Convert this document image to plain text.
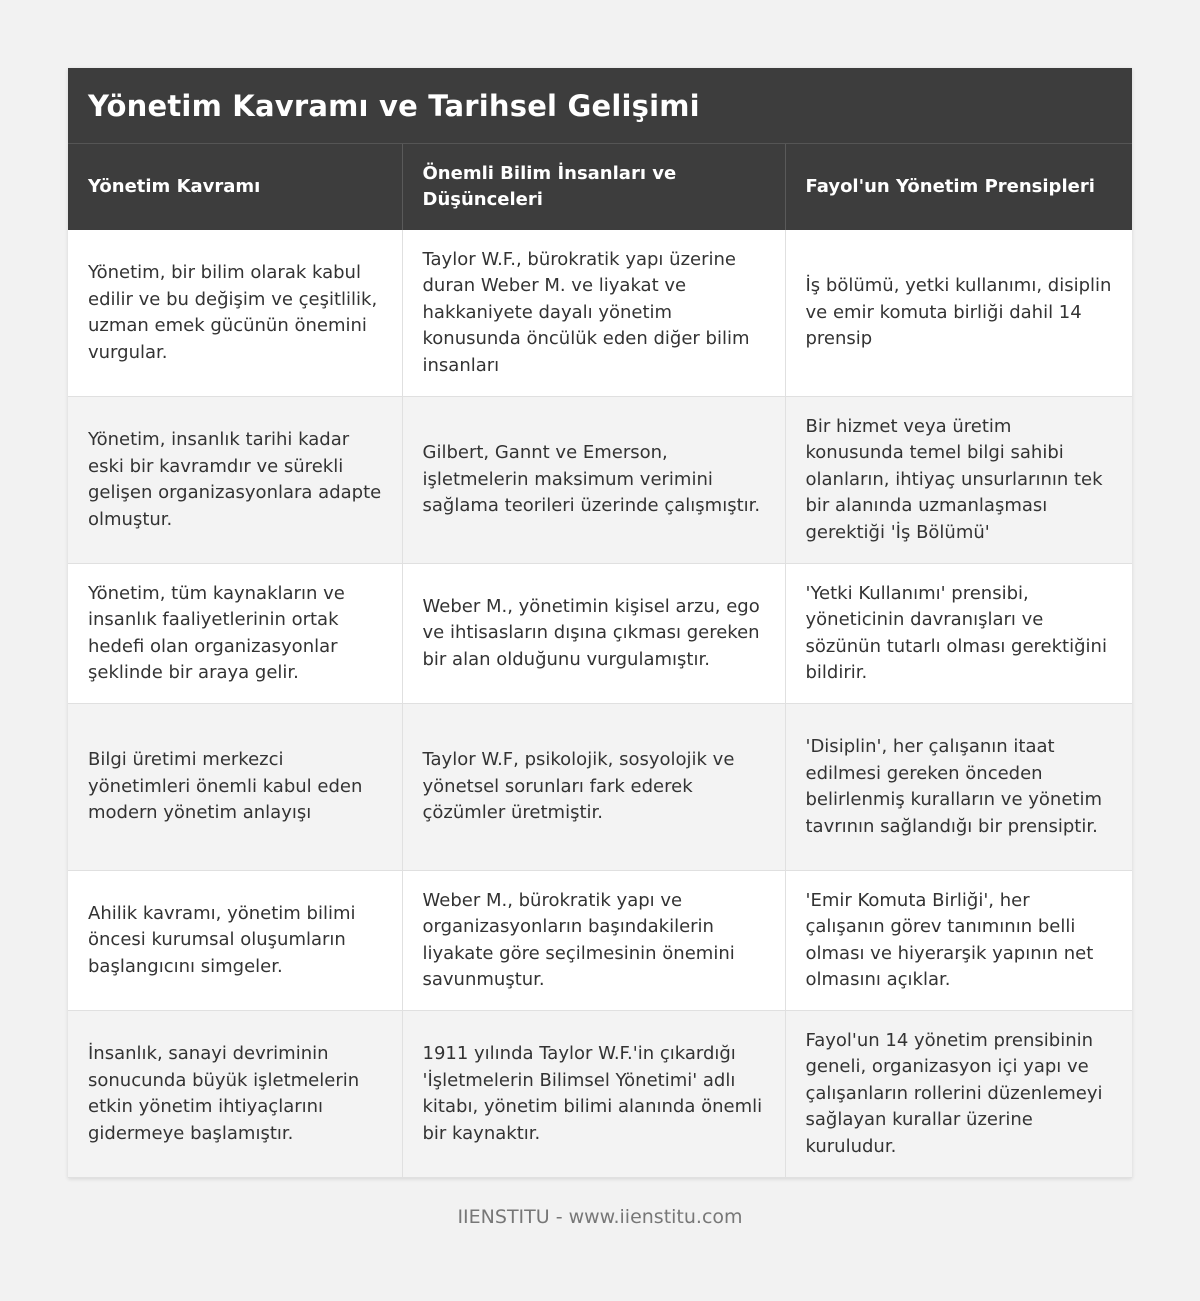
Yönetim Kavramı ve Tarihsel Gelişimi
Yönetim Kavramı	Önemli Bilim İnsanları ve Düşünceleri	Fayol'un Yönetim Prensipleri
Yönetim, bir bilim olarak kabul edilir ve bu değişim ve çeşitlilik, uzman emek gücünün önemini vurgular.	Taylor W.F., bürokratik yapı üzerine duran Weber M. ve liyakat ve hakkaniyete dayalı yönetim konusunda öncülük eden diğer bilim insanları	İş bölümü, yetki kullanımı, disiplin ve emir komuta birliği dahil 14 prensip
Yönetim, insanlık tarihi kadar eski bir kavramdır ve sürekli gelişen organizasyonlara adapte olmuştur.	Gilbert, Gannt ve Emerson, işletmelerin maksimum verimini sağlama teorileri üzerinde çalışmıştır.	Bir hizmet veya üretim konusunda temel bilgi sahibi olanların, ihtiyaç unsurlarının tek bir alanında uzmanlaşması gerektiği 'İş Bölümü'
Yönetim, tüm kaynakların ve insanlık faaliyetlerinin ortak hedefi olan organizasyonlar şeklinde bir araya gelir.	Weber M., yönetimin kişisel arzu, ego ve ihtisasların dışına çıkması gereken bir alan olduğunu vurgulamıştır.	'Yetki Kullanımı' prensibi, yöneticinin davranışları ve sözünün tutarlı olması gerektiğini bildirir.
Bilgi üretimi merkezci yönetimleri önemli kabul eden modern yönetim anlayışı	Taylor W.F, psikolojik, sosyolojik ve yönetsel sorunları fark ederek çözümler üretmiştir.	'Disiplin', her çalışanın itaat edilmesi gereken önceden belirlenmiş kuralların ve yönetim tavrının sağlandığı bir prensiptir.
Ahilik kavramı, yönetim bilimi öncesi kurumsal oluşumların başlangıcını simgeler.	Weber M., bürokratik yapı ve organizasyonların başındakilerin liyakate göre seçilmesinin önemini savunmuştur.	'Emir Komuta Birliği', her çalışanın görev tanımının belli olması ve hiyerarşik yapının net olmasını açıklar.
İnsanlık, sanayi devriminin sonucunda büyük işletmelerin etkin yönetim ihtiyaçlarını gidermeye başlamıştır.	1911 yılında Taylor W.F.'in çıkardığı 'İşletmelerin Bilimsel Yönetimi' adlı kitabı, yönetim bilimi alanında önemli bir kaynaktır.	Fayol'un 14 yönetim prensibinin geneli, organizasyon içi yapı ve çalışanların rollerini düzenlemeyi sağlayan kurallar üzerine kuruludur.
IIENSTITU - www.iienstitu.com
